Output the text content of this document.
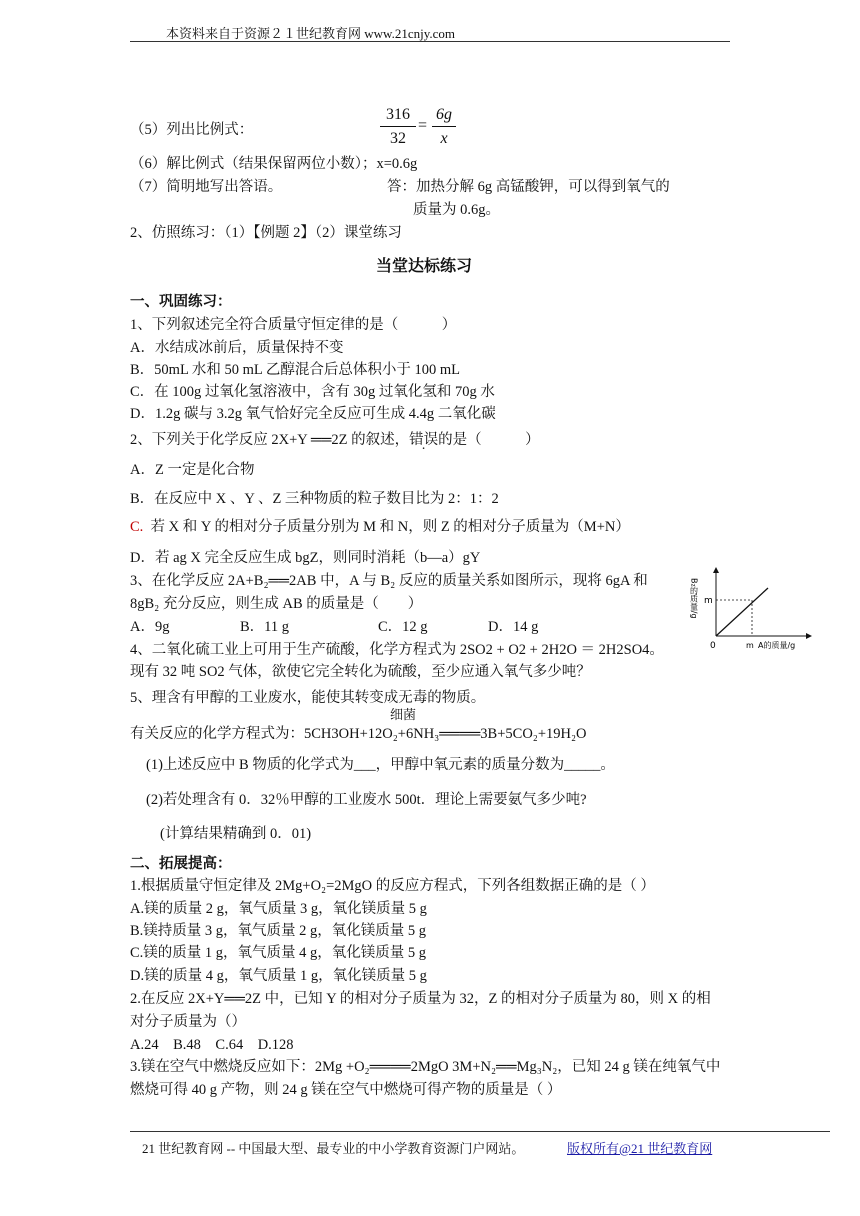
本资料来自于资源２１世纪教育网 www.21cnjy.com
（5）列出比例式：	$\frac{316}{32} = \frac{6g}{x}$
（6）解比例式（结果保留两位小数）；x=0.6g
（7）简明地写出答语。	答：加热分解 6g 高锰酸钾，可以得到氧气的
质量为 0.6g。
2、仿照练习：（1）【例题 2】（2）课堂练习
当堂达标练习
一、巩固练习：
1、下列叙述完全符合质量守恒定律的是（　　　）
A．水结成冰前后，质量保持不变
B．50mL 水和 50 mL 乙醇混合后总体积小于 100 mL
C．在 100g 过氧化氢溶液中，含有 30g 过氧化氢和 70g 水
D．1.2g 碳与 3.2g 氧气恰好完全反应可生成 4.4g 二氧化碳
2、下列关于化学反应 2X+Y ══2Z 的叙述，错误的是（　　　）
A．Z 一定是化合物
B．在反应中 X 、Y 、Z 三种物质的粒子数目比为 2：1：2
C. 若 X 和 Y 的相对分子质量分别为 M 和 N，则 Z 的相对分子质量为（M+N）
D．若 ag X 完全反应生成 bgZ，则同时消耗（b—a）gY
3、在化学反应 2A+B₂══2AB 中，A 与 B₂ 反应的质量关系如图所示，现将 6gA 和
8gB₂ 充分反应，则生成 AB 的质量是（　　）
A．9g	B．11 g	C．12 g	D．14 g
B₂的质量/g m
0	m A的质量/g
4、二氧化硫工业上可用于生产硫酸，化学方程式为 2SO2 + O2 + 2H2O ＝ 2H2SO4。
现有 32 吨 SO2 气体，欲使它完全转化为硫酸，至少应通入氧气多少吨？
5、理含有甲醇的工业废水，能使其转变成无毒的物质。
细菌
有关反应的化学方程式为：5CH3OH+12O₂+6NH₃════3B+5CO₂+19H₂O
(1)上述反应中 B 物质的化学式为___，甲醇中氧元素的质量分数为_____。
(2)若处理含有 0．32％甲醇的工业废水 500t．理论上需要氨气多少吨?
(计算结果精确到 0．01)
二、拓展提高：
1.根据质量守恒定律及 2Mg+O₂=2MgO 的反应方程式，下列各组数据正确的是（ ）
A.镁的质量 2 g，氧气质量 3 g，氧化镁质量 5 g
B.镁持质量 3 g，氧气质量 2 g，氧化镁质量 5 g
C.镁的质量 1 g，氧气质量 4 g，氧化镁质量 5 g
D.镁的质量 4 g，氧气质量 1 g，氧化镁质量 5 g
2.在反应 2X+Y══2Z 中，已知 Y 的相对分子质量为 32，Z 的相对分子质量为 80，则 X 的相
对分子质量为（）
A.24　B.48　C.64　D.128
3.镁在空气中燃烧反应如下：2Mg +O₂════2MgO 3M+N₂══Mg₃N₂，已知 24 g 镁在纯氧气中
燃烧可得 40 g 产物，则 24 g 镁在空气中燃烧可得产物的质量是（ ）
21 世纪教育网 -- 中国最大型、最专业的中小学教育资源门户网站。	版权所有@21 世纪教育网
